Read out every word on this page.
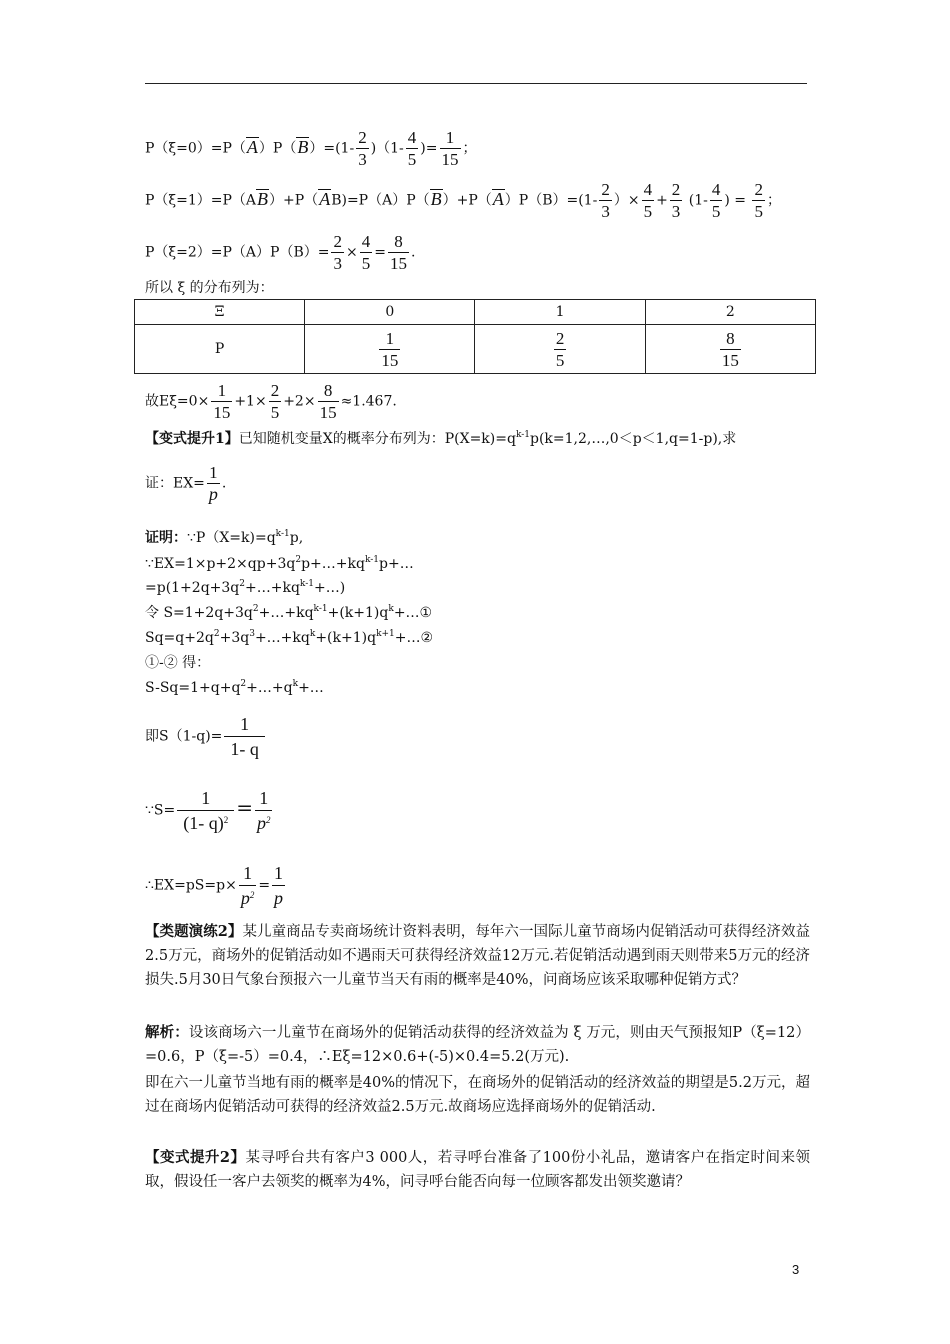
$P(\xi=0)=P(A)P(B)=(1- \frac{2}{3} )(1- \frac{4}{5}$ )= $\frac{1}{15}$ ；
$P(\xi=1)=P(AB)+P(AB)=P(A)P(B)+P(A)P(B)=(1- \frac{2}{3}$ ）× $\frac{4}{5} + \frac{2}{3} (1- \frac{4}{5}$ ) = $\frac{2}{5}$ ；
$P(\xi=2)=P(A)P(B)= \frac{2}{3} \times \frac{4}{5} = \frac{8}{15}$ .
所以 ξ 的分布列为：
Ξ	0	1	2
P	$\frac{1}{15}$	$\frac{2}{5}$	$\frac{8}{15}$
故$E\xi=0\times \frac{1}{15} +1\times \frac{2}{5} +2\times \frac{8}{15} \approx 1.467$.
【变式提升1】已知随机变量X的概率分布列为：$P(X=k)=q^{k-1}p(k=1,2,\dots,0<p<1,q=1-p)$,求
证：$EX= \frac{1}{p}$ .
证明：$\because P(X=k)=q^{k-1}p$,
$\because EX=1\times p+2\times qp+3q^2p+\dots+kq^{k-1}p+\dots$
$=p(1+2q+3q^2+\dots+kq^{k-1}+\dots)$
令 $S=1+2q+3q^2+\dots+kq^{k-1}+(k+1)q^k+\dots ①$
$Sq=q+2q^2+3q^3+\dots+kq^k+(k+1)q^{k+1}+\dots ②$
①-② 得：
$S-Sq=1+q+q^2+\dots+q^k+\dots$
即$S(1-q)= \frac{1}{1- q}$
∵S= $\frac{1}{(1- q)^2} = \frac{1}{p^2}$
∴EX=pS=p× $\frac{1}{p^2} = \frac{1}{p}$
【类题演练2】某儿童商品专卖商场统计资料表明，每年六一国际儿童节商场内促销活动可获得经济效益2.5万元，商场外的促销活动如不遇雨天可获得经济效益12万元.若促销活动遇到雨天则带来5万元的经济损失.5月30日气象台预报六一儿童节当天有雨的概率是40%，问商场应该采取哪种促销方式？
解析：设该商场六一儿童节在商场外的促销活动获得的经济效益为 ξ 万元，则由天气预报知P（ξ=12）=0.6，P（ξ=-5）=0.4，∴Eξ=12×0.6+(-5)×0.4=5.2(万元).
即在六一儿童节当地有雨的概率是40%的情况下，在商场外的促销活动的经济效益的期望是5.2万元，超过在商场内促销活动可获得的经济效益2.5万元.故商场应选择商场外的促销活动.
【变式提升2】某寻呼台共有客户3 000人，若寻呼台准备了100份小礼品，邀请客户在指定时间来领取，假设任一客户去领奖的概率为4%，问寻呼台能否向每一位顾客都发出领奖邀请？
3
